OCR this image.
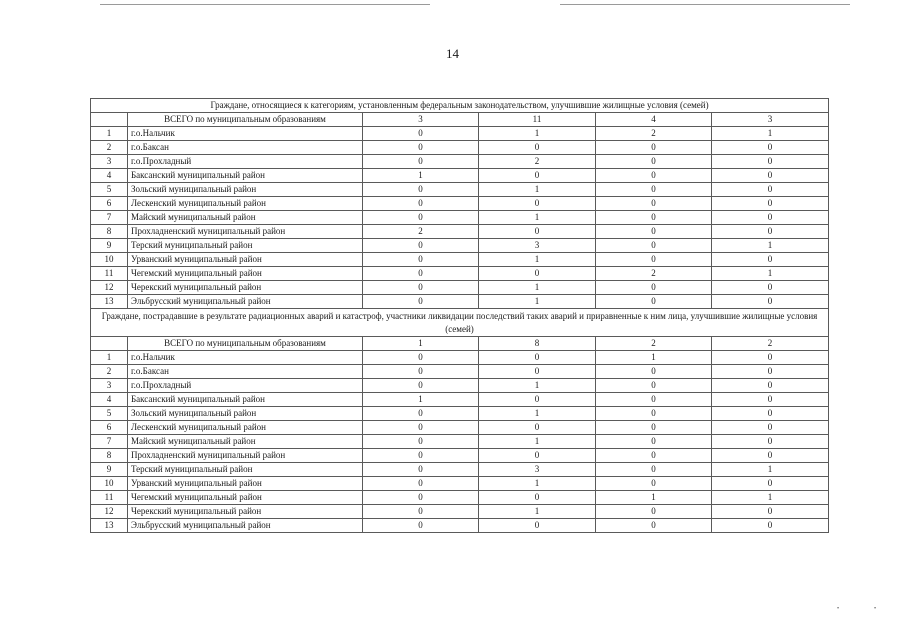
14
Граждане, относящиеся к категориям, установленным федеральным законодательством, улучшившие жилищные условия (семей)					
	ВСЕГО по муниципальным образованиям	3	11	4	3
1	г.о.Нальчик	0	1	2	1
2	г.о.Баксан	0	0	0	0
3	г.о.Прохладный	0	2	0	0
4	Баксанский муниципальный район	1	0	0	0
5	Зольский муниципальный район	0	1	0	0
6	Лескенский муниципальный район	0	0	0	0
7	Майский муниципальный район	0	1	0	0
8	Прохладненский муниципальный район	2	0	0	0
9	Терский муниципальный район	0	3	0	1
10	Урванский муниципальный район	0	1	0	0
11	Чегемский муниципальный район	0	0	2	1
12	Черекский муниципальный район	0	1	0	0
13	Эльбрусский муниципальный район	0	1	0	0
Граждане, пострадавшие в результате радиационных аварий и катастроф, участники ликвидации последствий таких аварий и приравненные к ним лица, улучшившие жилищные условия (семей)					
	ВСЕГО по муниципальным образованиям	1	8	2	2
1	г.о.Нальчик	0	0	1	0
2	г.о.Баксан	0	0	0	0
3	г.о.Прохладный	0	1	0	0
4	Баксанский муниципальный район	1	0	0	0
5	Зольский муниципальный район	0	1	0	0
6	Лескенский муниципальный район	0	0	0	0
7	Майский муниципальный район	0	1	0	0
8	Прохладненский муниципальный район	0	0	0	0
9	Терский муниципальный район	0	3	0	1
10	Урванский муниципальный район	0	1	0	0
11	Чегемский муниципальный район	0	0	1	1
12	Черекский муниципальный район	0	1	0	0
13	Эльбрусский муниципальный район	0	0	0	0
•	•
